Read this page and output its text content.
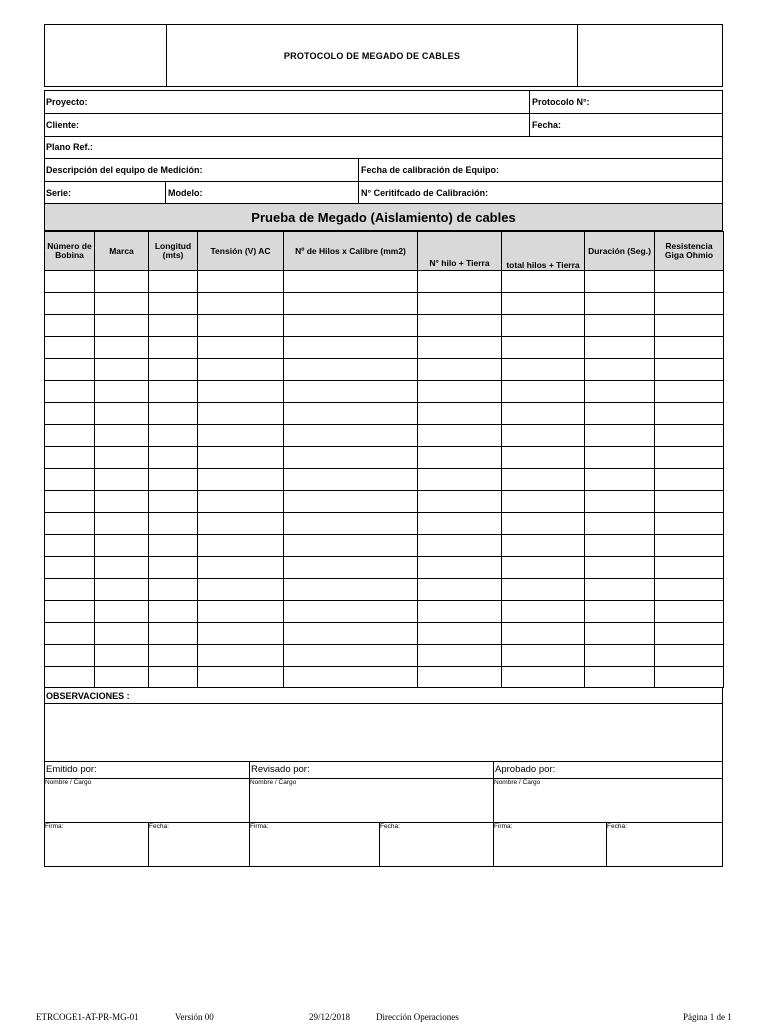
PROTOCOLO DE MEGADO DE CABLES
Proyecto:	Protocolo N°:
Cliente:	Fecha:
Plano Ref.:
Descripción del equipo de Medición:	Fecha de calibración de Equipo:
Serie:	Modelo:	N° Ceritifcado de Calibración:
Prueba de Megado (Aislamiento) de cables
Número de Bobina	Marca	Longitud (mts)	Tensión (V) AC	Nº de Hilos x Calibre (mm2)	N° hilo + Tierra	total hilos + Tierra	Duración (Seg.)	Resistencia Giga Ohmio

OBSERVACIONES :
Emitido por:	Revisado por:	Aprobado por:
Nombre / Cargo	Nombre / Cargo	Nombre / Cargo
Firma:	Fecha:	Firma:	Fecha:	Firma:	Fecha:
ETRCOGE1-AT-PR-MG-01	Versión 00	29/12/2018	Dirección Operaciones	Página 1 de 1
